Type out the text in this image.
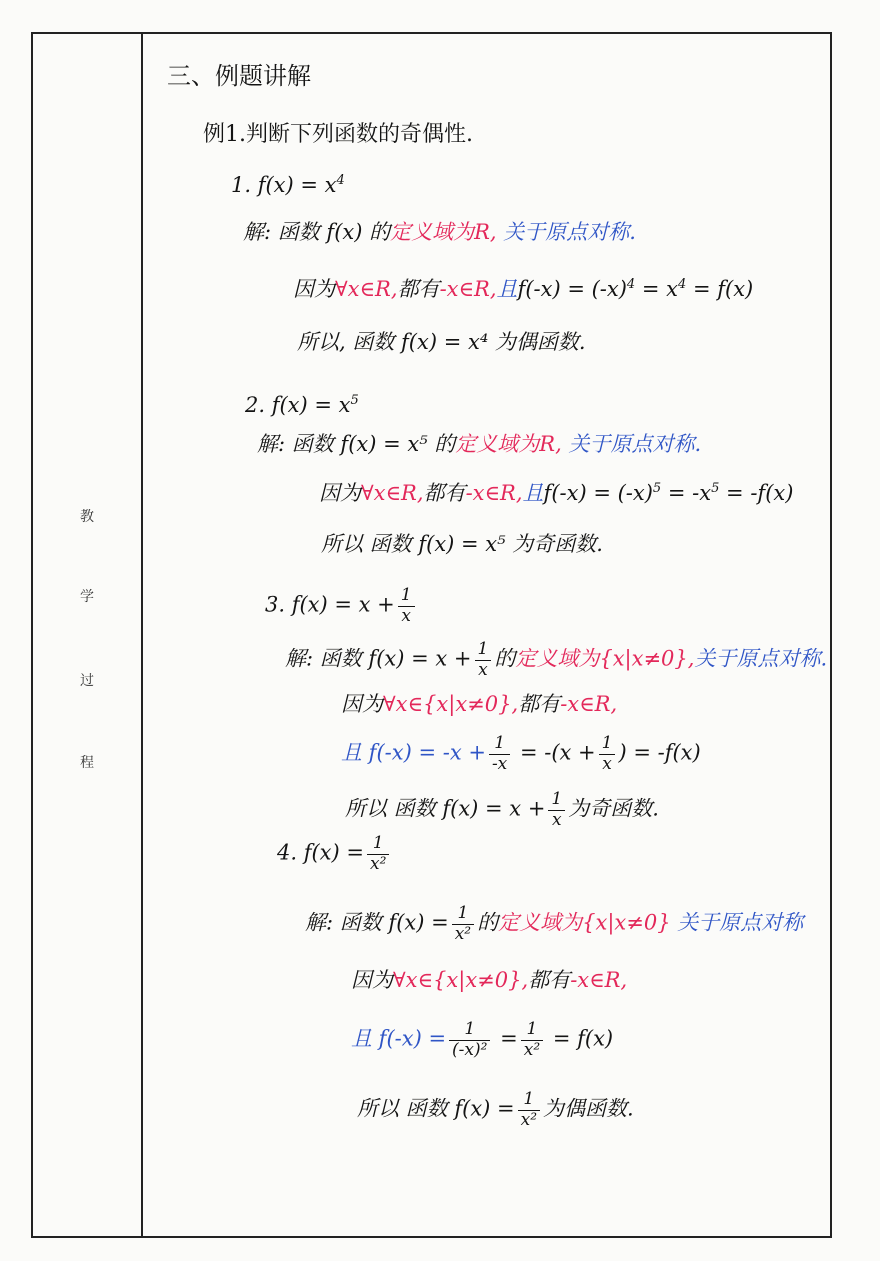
教
学
过
程
三、例题讲解
例1.判断下列函数的奇偶性.
1. $f(x) = x^4$
解: 函数 f(x) 的定义域为R, 关于原点对称.
因为∀x∈R,都有-x∈R,且$f(-x) = (-x)^4 = x^4 = f(x)$
所以, 函数 f(x) = x⁴ 为偶函数.
2. $f(x) = x^5$
解: 函数 f(x) = x⁵ 的定义域为R, 关于原点对称.
因为∀x∈R,都有-x∈R,且$f(-x) = (-x)^5 = -x^5 = -f(x)$
所以 函数 f(x) = x⁵ 为奇函数.
3. $f(x) = x + \frac{1}{x}$
解: 函数 $f(x) = x + \frac{1}{x}$ 的定义域为{x|x≠0},关于原点对称.
因为∀x∈{x|x≠0},都有-x∈R,
且 $f(-x) = -x + \frac{1}{-x} = -(x + \frac{1}{x}$ ) = -f(x)
所以 函数 $f(x) = x + \frac{1}{x}$ 为奇函数.
4. $f(x) = \frac{1}{\text{x²}}$
解: 函数 $f(x) = \frac{1}{\text{x²}}$ 的定义域为{x|x≠0} 关于原点对称
因为∀x∈{x|x≠0},都有-x∈R,
且 $f(-x) = \frac{1}{\text{(-x)²}} = \frac{1}{\text{x²}} = f(x)$
所以 函数 $f(x) = \frac{1}{\text{x²}}$ 为偶函数.
